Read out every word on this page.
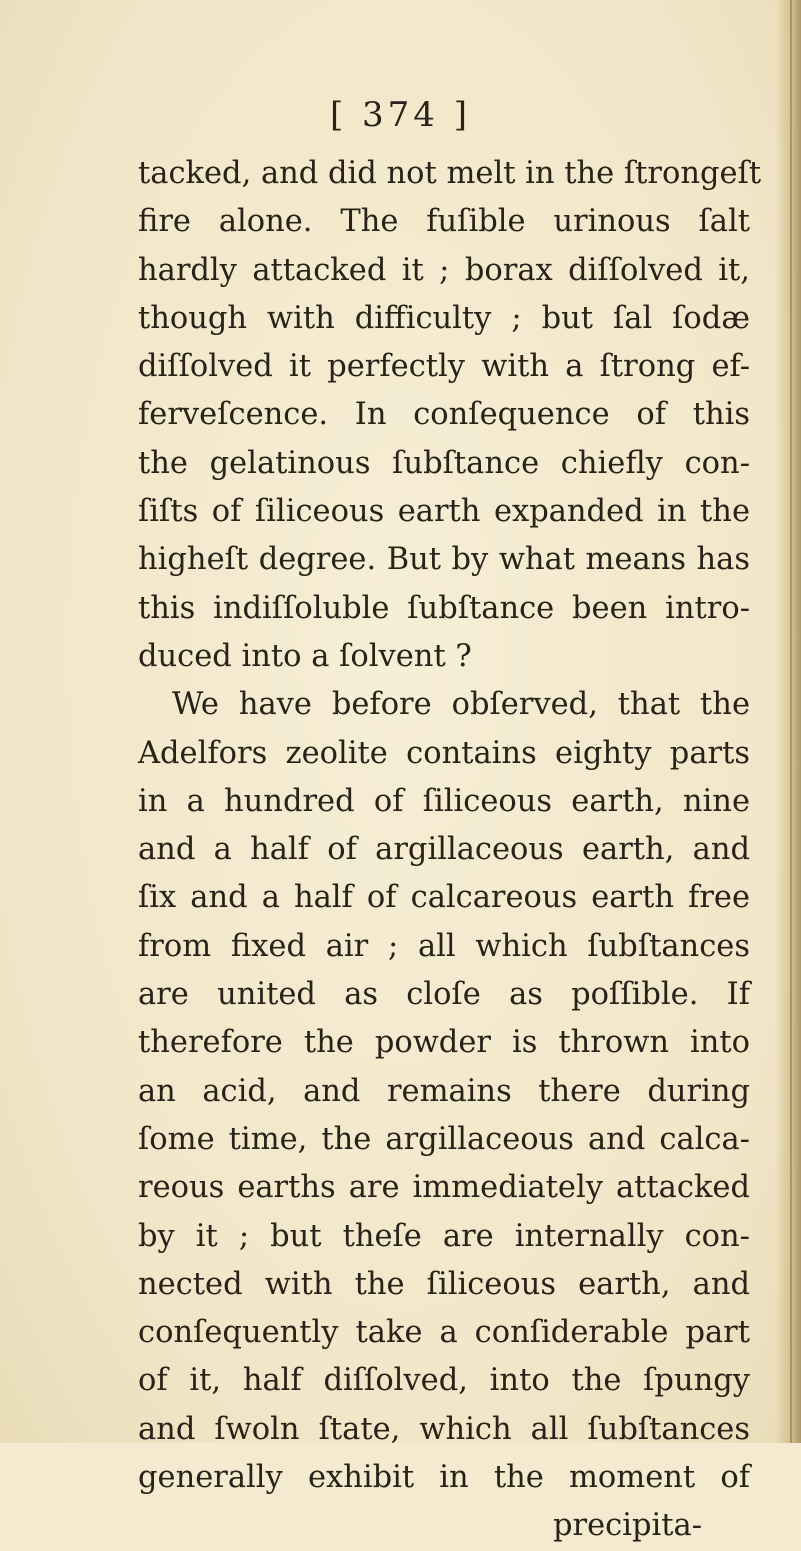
[ 374 ]
tacked, and did not melt in the ſtrongeſt
fire alone. The fuſible urinous ſalt
hardly attacked it ; borax diſſolved it,
though with difficulty ; but ſal ſodæ
diſſolved it perfectly with a ſtrong ef-
ferveſcence. In conſequence of this
the gelatinous ſubſtance chiefly con-
ſiſts of ſiliceous earth expanded in the
higheſt degree. But by what means has
this indiſſoluble ſubſtance been intro-
duced into a ſolvent ?
We have before obſerved, that the
Adelfors zeolite contains eighty parts
in a hundred of ſiliceous earth, nine
and a half of argillaceous earth, and
ſix and a half of calcareous earth free
from fixed air ; all which ſubſtances
are united as cloſe as poſſible. If
therefore the powder is thrown into
an acid, and remains there during
ſome time, the argillaceous and calca-
reous earths are immediately attacked
by it ; but theſe are internally con-
nected with the ſiliceous earth, and
conſequently take a conſiderable part
of it, half diſſolved, into the ſpungy
and ſwoln ſtate, which all ſubſtances
generally exhibit in the moment of
precipita-
